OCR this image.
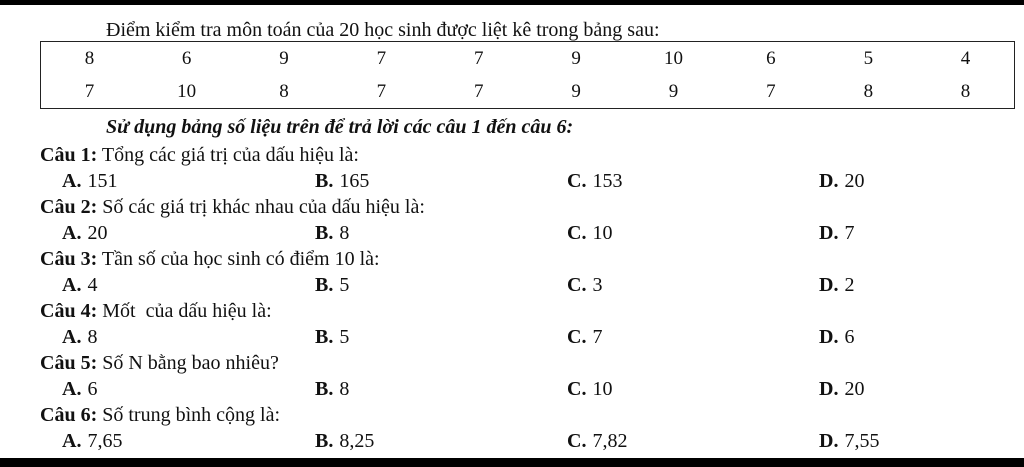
Điểm kiểm tra môn toán của 20 học sinh được liệt kê trong bảng sau:
8	6	9	7	7	9	10	6	5	4
7	10	8	7	7	9	9	7	8	8
Sử dụng bảng số liệu trên để trả lời các câu 1 đến câu 6:
Câu 1: Tổng các giá trị của dấu hiệu là:
A. 151	B. 165	C. 153	D. 20
Câu 2: Số các giá trị khác nhau của dấu hiệu là:
A. 20	B. 8	C. 10	D. 7
Câu 3: Tần số của học sinh có điểm 10 là:
A. 4	B. 5	C. 3	D. 2
Câu 4: Mốt  của dấu hiệu là:
A. 8	B. 5	C. 7	D. 6
Câu 5: Số N bằng bao nhiêu?
A. 6	B. 8	C. 10	D. 20
Câu 6: Số trung bình cộng là:
A. 7,65	B. 8,25	C. 7,82	D. 7,55
